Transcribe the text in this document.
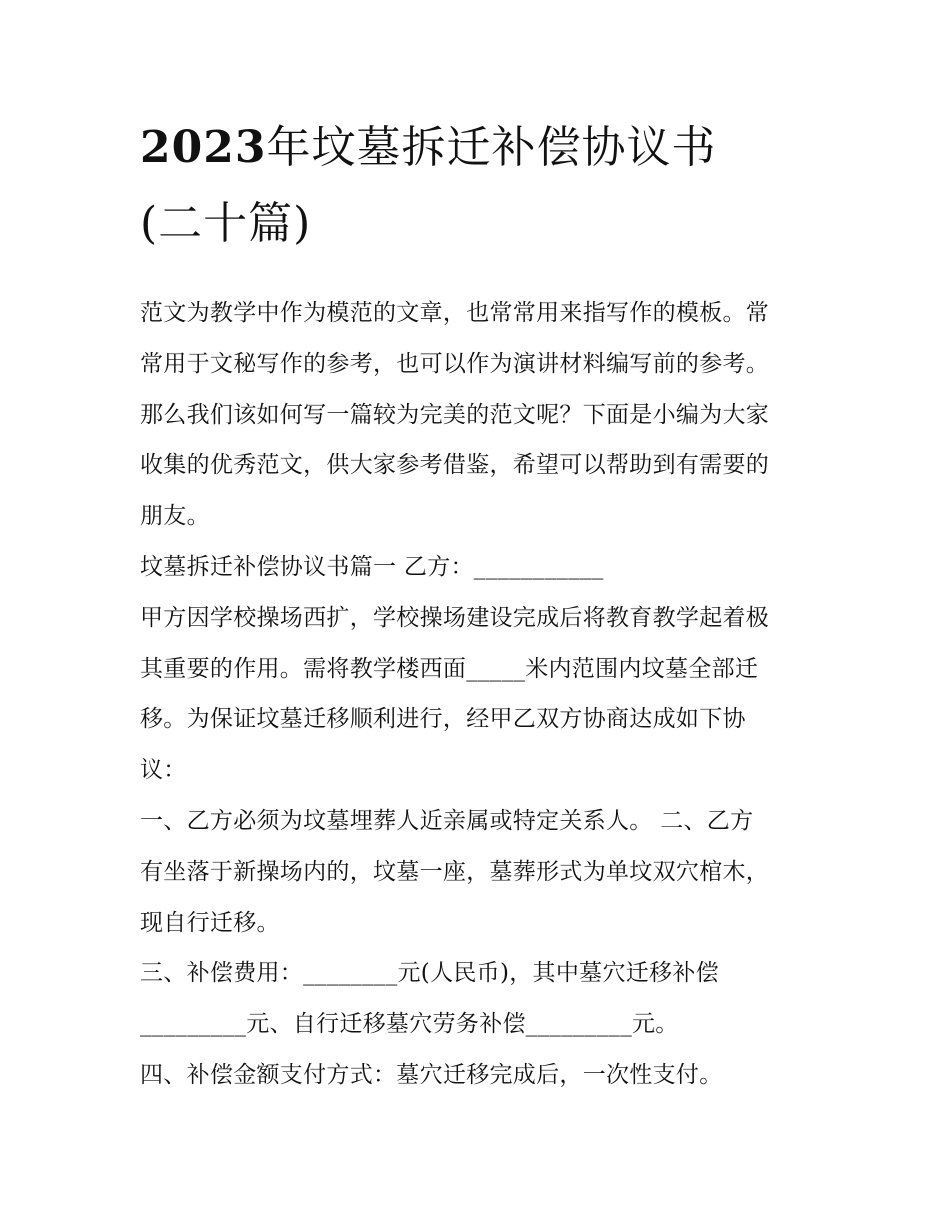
2023年坟墓拆迁补偿协议书
(二十篇)
范文为教学中作为模范的文章，也常常用来指写作的模板。常
常用于文秘写作的参考，也可以作为演讲材料编写前的参考。
那么我们该如何写一篇较为完美的范文呢？下面是小编为大家
收集的优秀范文，供大家参考借鉴，希望可以帮助到有需要的
朋友。
坟墓拆迁补偿协议书篇一 乙方：___________
甲方因学校操场西扩，学校操场建设完成后将教育教学起着极
其重要的作用。需将教学楼西面_____米内范围内坟墓全部迁
移。为保证坟墓迁移顺利进行，经甲乙双方协商达成如下协
议：
一、乙方必须为坟墓埋葬人近亲属或特定关系人。 二、乙方
有坐落于新操场内的，坟墓一座，墓葬形式为单坟双穴棺木，
现自行迁移。
三、补偿费用：________元(人民币)，其中墓穴迁移补偿
_________元、自行迁移墓穴劳务补偿_________元。
四、补偿金额支付方式：墓穴迁移完成后，一次性支付。
